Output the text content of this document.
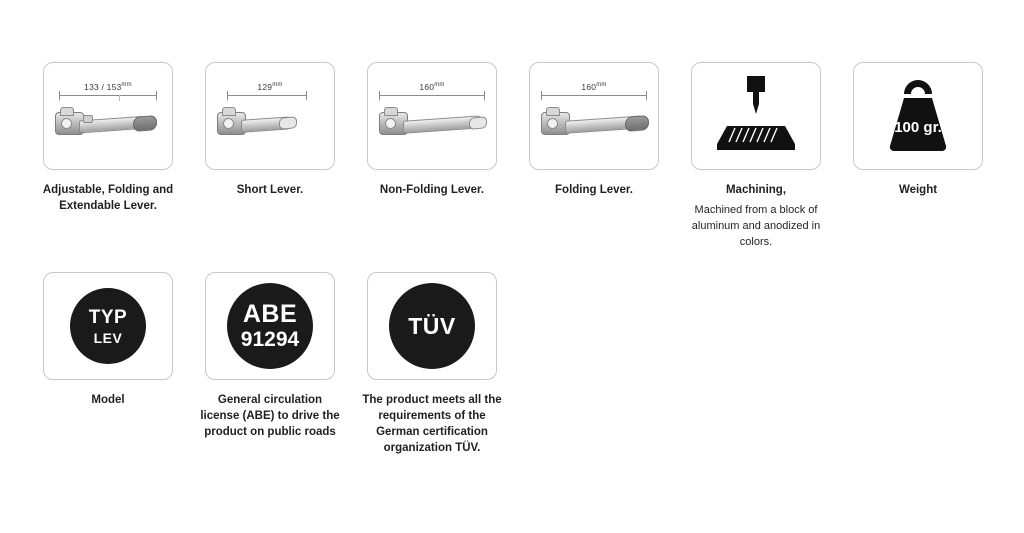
$133 / 153^{mm}$
Adjustable, Folding and Extendable Lever.
$129^{mm}$
Short Lever.
$160^{mm}$
Non-Folding Lever.
$160^{mm}$
Folding Lever.	Machining,
Machined from a block of aluminum and anodized in colors.
100 gr.
Weight
TYP
LEV
Model
ABE
91294
General circulation license (ABE) to drive the product on public roads
TÜV
The product meets all the requirements of the German certification organization TÜV.
